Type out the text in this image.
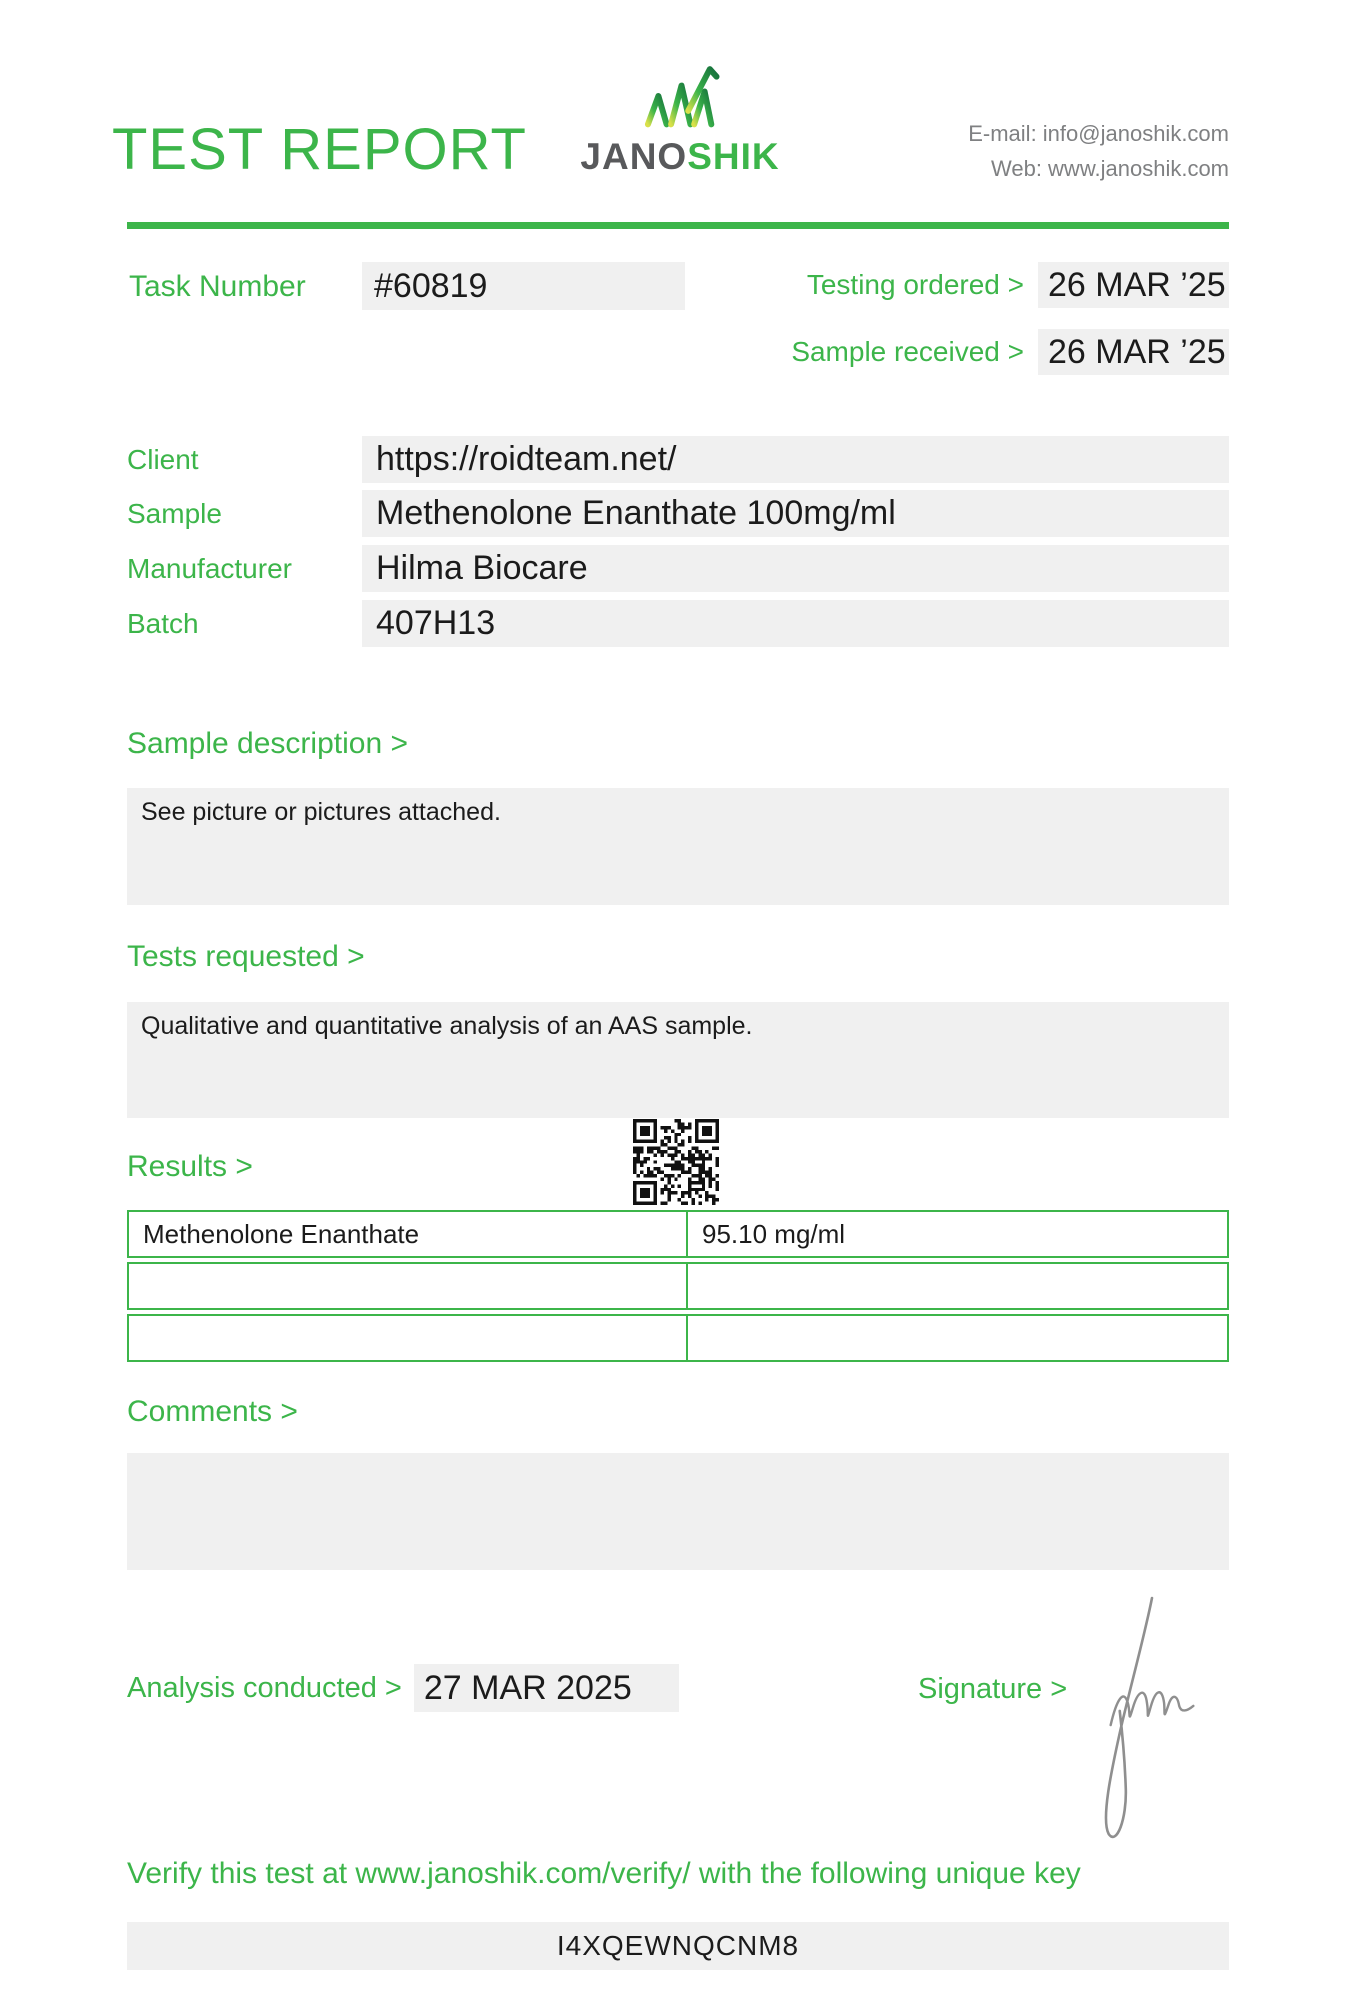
TEST REPORT	JANOSHIK
E-mail: info@janoshik.com
Web: www.janoshik.com
Task Number	#60819	Testing ordered > 26 MAR ’25
Sample received > 26 MAR ’25
Client	https://roidteam.net/
Sample	Methenolone Enanthate 100mg/ml
Manufacturer	Hilma Biocare
Batch	407H13
Sample description >
See picture or pictures attached.
Tests requested >
Qualitative and quantitative analysis of an AAS sample.
Results >
Methenolone Enanthate	95.10 mg/ml
Comments >
Analysis conducted > 27 MAR 2025	Signature >
Verify this test at www.janoshik.com/verify/ with the following unique key
I4XQEWNQCNM8
